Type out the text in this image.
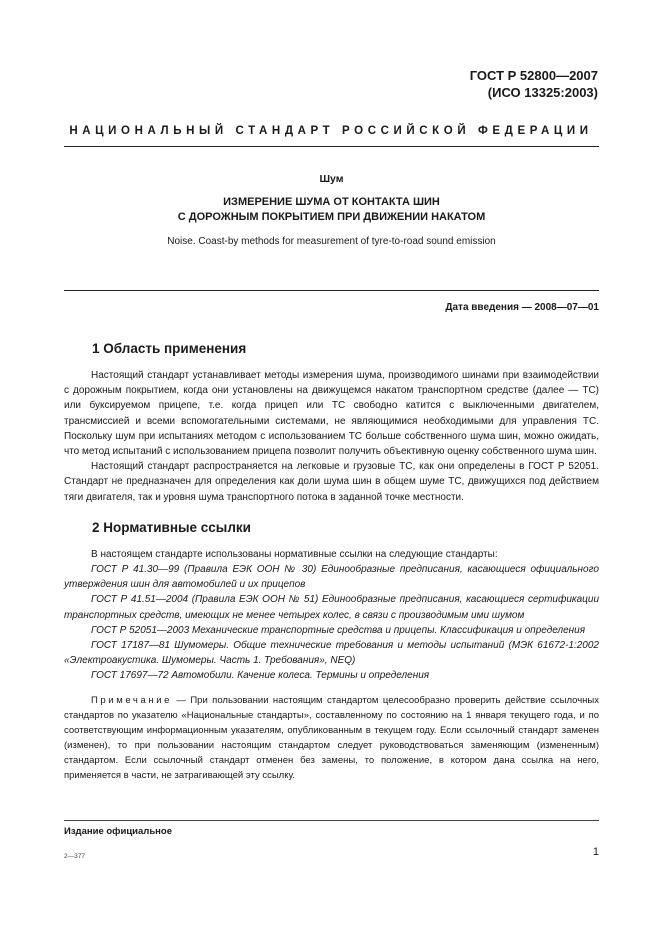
ГОСТ Р 52800—2007
(ИСО 13325:2003)
НАЦИОНАЛЬНЫЙ СТАНДАРТ РОССИЙСКОЙ ФЕДЕРАЦИИ
Шум
ИЗМЕРЕНИЕ ШУМА ОТ КОНТАКТА ШИН
С ДОРОЖНЫМ ПОКРЫТИЕМ ПРИ ДВИЖЕНИИ НАКАТОМ
Noise. Coast-by methods for measurement of tyre-to-road sound emission
Дата введения — 2008—07—01
1 Область применения

Настоящий стандарт устанавливает методы измерения шума, производимого шинами при взаимодействии с дорожным покрытием, когда они установлены на движущемся накатом транспортном средстве (далее — ТС) или буксируемом прицепе, т.е. когда прицеп или ТС свободно катится с выключенными двигателем, трансмиссией и всеми вспомогательными системами, не являющимися необходимыми для управления ТС. Поскольку шум при испытаниях методом с использованием ТС больше собственного шума шин, можно ожидать, что метод испытаний с использованием прицепа позволит получить объективную оценку собственного шума шин.

Настоящий стандарт распространяется на легковые и грузовые ТС, как они определены в ГОСТ Р 52051. Стандарт не предназначен для определения как доли шума шин в общем шуме ТС, движущихся под действием тяги двигателя, так и уровня шума транспортного потока в заданной точке местности.

2 Нормативные ссылки

В настоящем стандарте использованы нормативные ссылки на следующие стандарты:

ГОСТ Р 41.30—99 (Правила ЕЭК ООН № 30) Единообразные предписания, касающиеся официального утверждения шин для автомобилей и их прицепов

ГОСТ Р 41.51—2004 (Правила ЕЭК ООН № 51) Единообразные предписания, касающиеся сертификации транспортных средств, имеющих не менее четырех колес, в связи с производимым ими шумом

ГОСТ Р 52051—2003 Механические транспортные средства и прицепы. Классификация и определения

ГОСТ 17187—81 Шумомеры. Общие технические требования и методы испытаний (МЭК 61672-1:2002 «Электроакустика. Шумомеры. Часть 1. Требования», NEQ)

ГОСТ 17697—72 Автомобили. Качение колеса. Термины и определения

Примечание — При пользовании настоящим стандартом целесообразно проверить действие ссылочных стандартов по указателю «Национальные стандарты», составленному по состоянию на 1 января текущего года, и по соответствующим информационным указателям, опубликованным в текущем году. Если ссылочный стандарт заменен (изменен), то при пользовании настоящим стандартом следует руководствоваться заменяющим (измененным) стандартом. Если ссылочный стандарт отменен без замены, то положение, в котором дана ссылка на него, применяется в части, не затрагивающей эту ссылку.
Издание официальное
2—377	1
